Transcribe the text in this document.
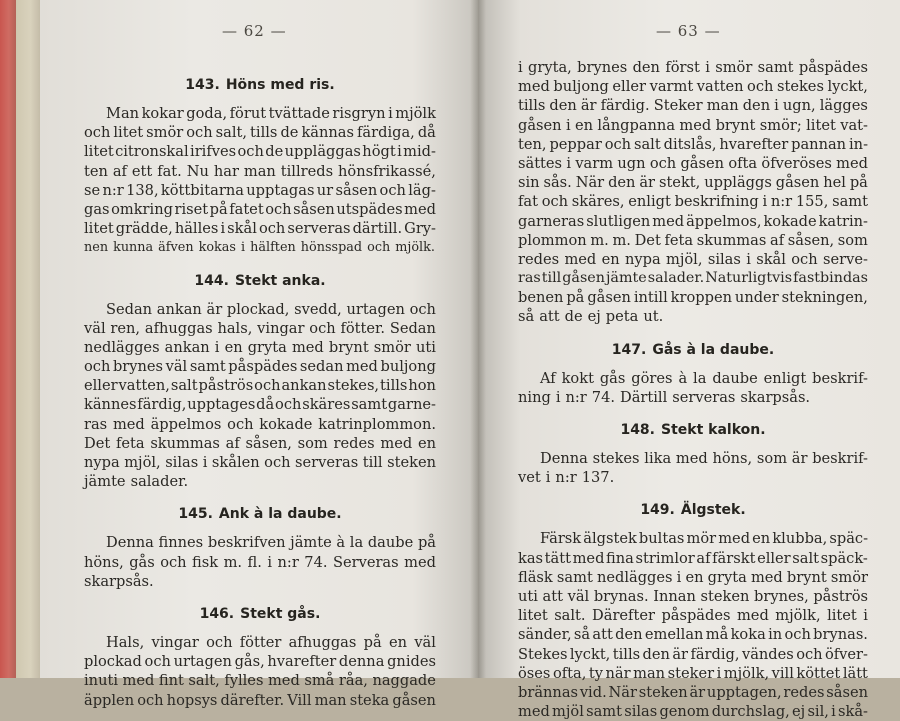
— 62 —
143. Höns med ris.
Man kokar goda, förut tvättade risgryn i mjölk
och litet smör och salt, tills de kännas färdiga, då
litet citronskal irifves och de uppläggas högt i mid-
ten af ett fat. Nu har man tillreds hönsfrikassé,
se n:r 138, köttbitarna upptagas ur såsen och läg-
gas omkring riset på fatet och såsen utspädes med
litet grädde, hälles i skål och serveras därtill. Gry-
nen kunna äfven kokas i hälften hönsspad och mjölk.
144. Stekt anka.
Sedan ankan är plockad, svedd, urtagen och
väl ren, afhuggas hals, vingar och fötter. Sedan
nedlägges ankan i en gryta med brynt smör uti
och brynes väl samt påspädes sedan med buljong
eller vatten, salt påströs och ankan stekes, tills hon
kännes färdig, upptages då och skäres samt garne-
ras med äppelmos och kokade katrinplommon.
Det feta skummas af såsen, som redes med en
nypa mjöl, silas i skålen och serveras till steken
jämte salader.
145. Ank à la daube.
Denna finnes beskrifven jämte à la daube på
höns, gås och fisk m. fl. i n:r 74. Serveras med
skarpsås.
146. Stekt gås.
Hals, vingar och fötter afhuggas på en väl
plockad och urtagen gås, hvarefter denna gnides
inuti med fint salt, fylles med små råa, naggade
äpplen och hopsys därefter. Vill man steka gåsen
— 63 —
i gryta, brynes den först i smör samt påspädes
med buljong eller varmt vatten och stekes lyckt,
tills den är färdig. Steker man den i ugn, lägges
gåsen i en långpanna med brynt smör; litet vat-
ten, peppar och salt ditslås, hvarefter pannan in-
sättes i varm ugn och gåsen ofta öfveröses med
sin sås. När den är stekt, uppläggs gåsen hel på
fat och skäres, enligt beskrifning i n:r 155, samt
garneras slutligen med äppelmos, kokade katrin-
plommon m. m. Det feta skummas af såsen, som
redes med en nypa mjöl, silas i skål och serve-
ras till gåsen jämte salader. Naturligtvis fastbindas
benen på gåsen intill kroppen under stekningen,
så att de ej peta ut.
147. Gås à la daube.
Af kokt gås göres à la daube enligt beskrif-
ning i n:r 74. Därtill serveras skarpsås.
148. Stekt kalkon.
Denna stekes lika med höns, som är beskrif-
vet i n:r 137.
149. Älgstek.
Färsk älgstek bultas mör med en klubba, späc-
kas tätt med fina strimlor af färskt eller salt späck-
fläsk samt nedlägges i en gryta med brynt smör
uti att väl brynas. Innan steken brynes, påströs
litet salt. Därefter påspädes med mjölk, litet i
sänder, så att den emellan må koka in och brynas.
Stekes lyckt, tills den är färdig, vändes och öfver-
öses ofta, ty när man steker i mjölk, vill köttet lätt
brännas vid. När steken är upptagen, redes såsen
med mjöl samt silas genom durchslag, ej sil, i skå-
